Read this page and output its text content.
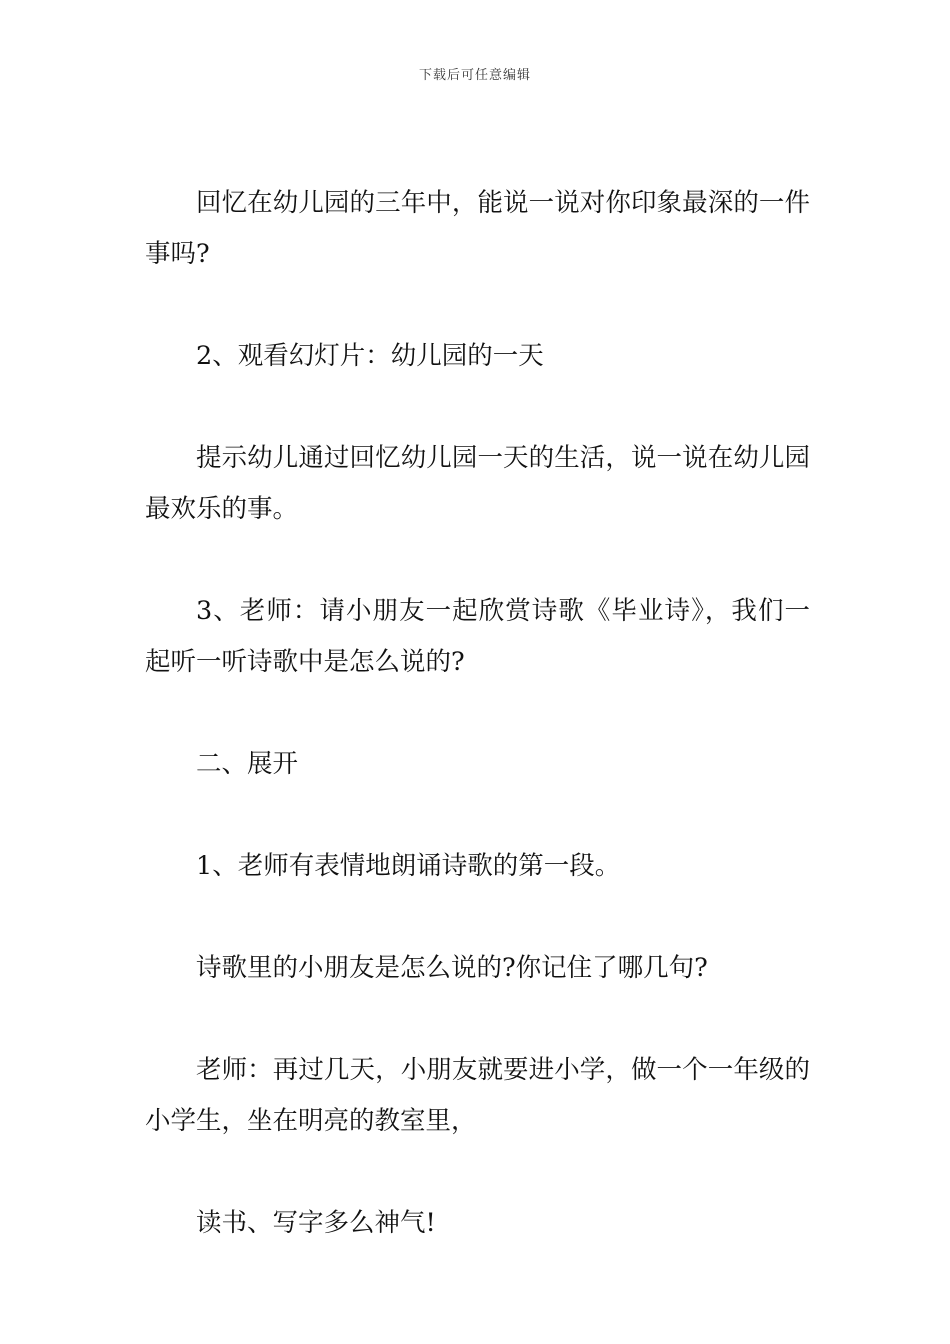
下载后可任意编辑

回忆在幼儿园的三年中，能说一说对你印象最深的一件事吗?

2、观看幻灯片：幼儿园的一天

提示幼儿通过回忆幼儿园一天的生活，说一说在幼儿园最欢乐的事。

3、老师：请小朋友一起欣赏诗歌《毕业诗》，我们一起听一听诗歌中是怎么说的?

二、展开

1、老师有表情地朗诵诗歌的第一段。

诗歌里的小朋友是怎么说的?你记住了哪几句?

老师：再过几天，小朋友就要进小学，做一个一年级的小学生，坐在明亮的教室里，

读书、写字多么神气!
